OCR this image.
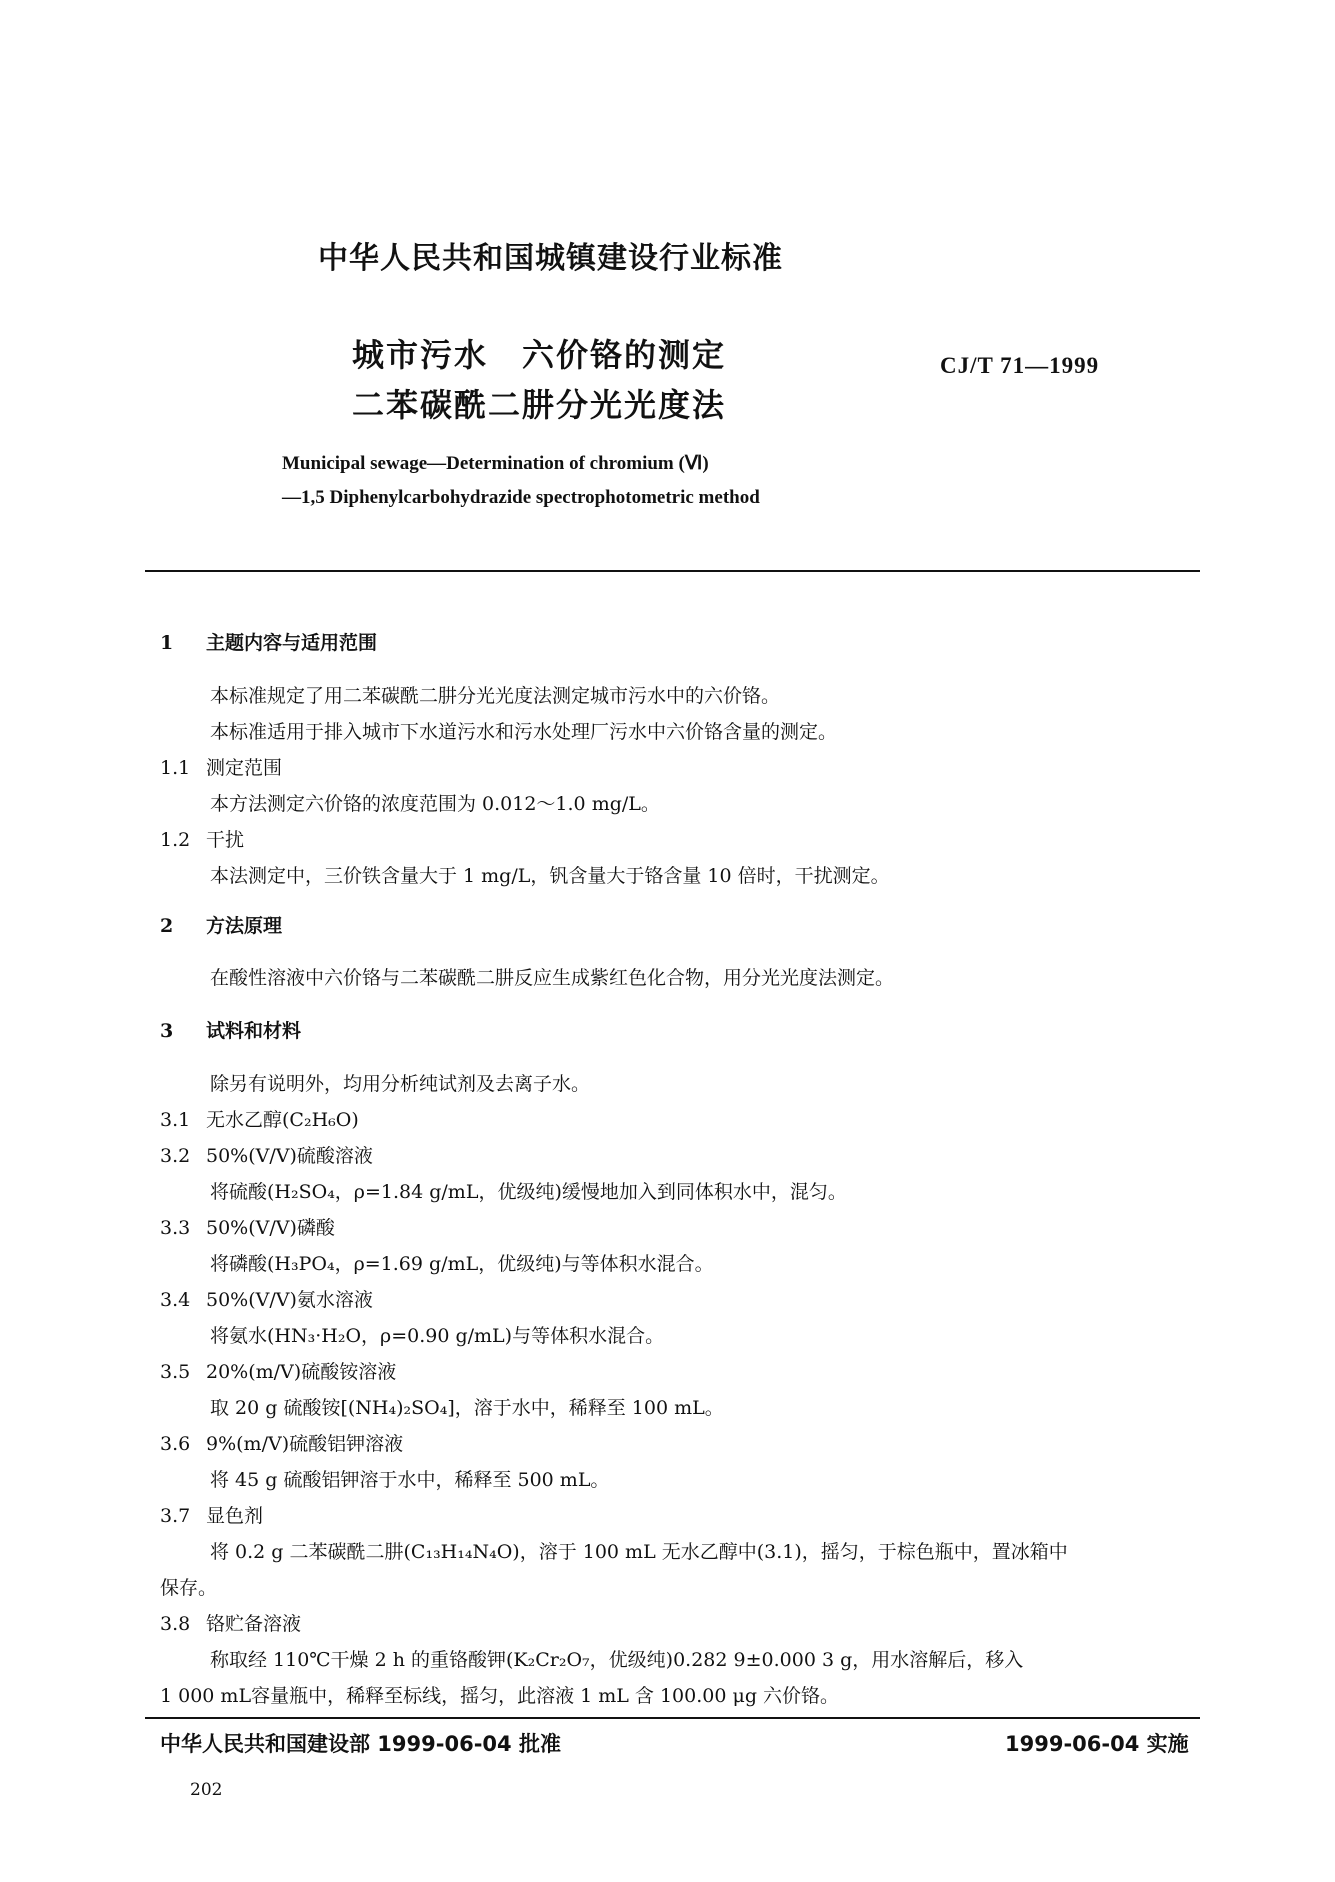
中华人民共和国城镇建设行业标准
城市污水　六价铬的测定
二苯碳酰二肼分光光度法
CJ/T 71—1999
Municipal sewage—Determination of chromium (Ⅵ)
—1,5 Diphenylcarbohydrazide spectrophotometric method
1 主题内容与适用范围
本标准规定了用二苯碳酰二肼分光光度法测定城市污水中的六价铬。
本标准适用于排入城市下水道污水和污水处理厂污水中六价铬含量的测定。
1.1 测定范围
本方法测定六价铬的浓度范围为 0.012～1.0 mg/L。
1.2 干扰
本法测定中，三价铁含量大于 1 mg/L，钒含量大于铬含量 10 倍时，干扰测定。
2 方法原理
在酸性溶液中六价铬与二苯碳酰二肼反应生成紫红色化合物，用分光光度法测定。
3 试料和材料
除另有说明外，均用分析纯试剂及去离子水。
3.1 无水乙醇(C₂H₆O)
3.2 50%(V/V)硫酸溶液
将硫酸(H₂SO₄，ρ=1.84 g/mL，优级纯)缓慢地加入到同体积水中，混匀。
3.3 50%(V/V)磷酸
将磷酸(H₃PO₄，ρ=1.69 g/mL，优级纯)与等体积水混合。
3.4 50%(V/V)氨水溶液
将氨水(HN₃·H₂O，ρ=0.90 g/mL)与等体积水混合。
3.5 20%(m/V)硫酸铵溶液
取 20 g 硫酸铵[(NH₄)₂SO₄]，溶于水中，稀释至 100 mL。
3.6 9%(m/V)硫酸铝钾溶液
将 45 g 硫酸铝钾溶于水中，稀释至 500 mL。
3.7 显色剂
将 0.2 g 二苯碳酰二肼(C₁₃H₁₄N₄O)，溶于 100 mL 无水乙醇中(3.1)，摇匀，于棕色瓶中，置冰箱中
保存。
3.8 铬贮备溶液
称取经 110℃干燥 2 h 的重铬酸钾(K₂Cr₂O₇，优级纯)0.282 9±0.000 3 g，用水溶解后，移入
1 000 mL容量瓶中，稀释至标线，摇匀，此溶液 1 mL 含 100.00 μg 六价铬。
中华人民共和国建设部 1999-06-04 批准	1999-06-04 实施
202
